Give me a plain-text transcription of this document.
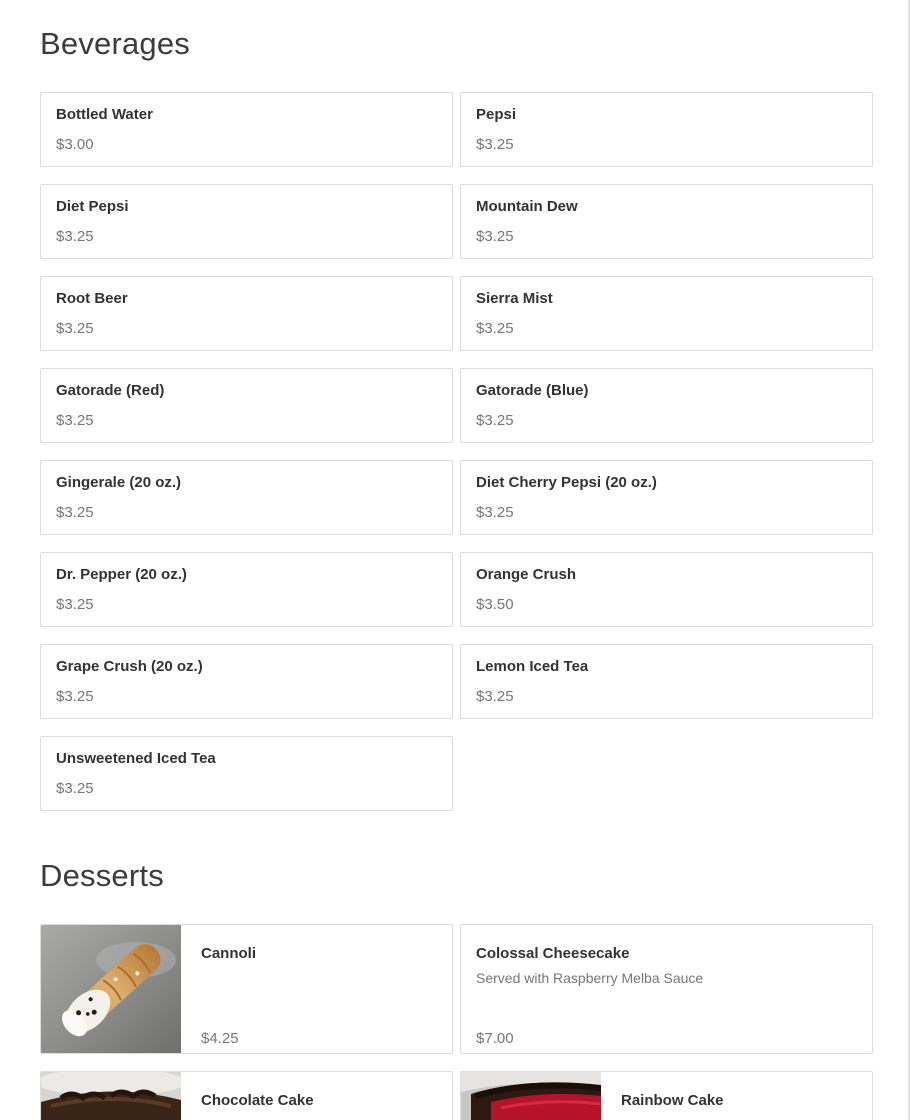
Beverages
Bottled Water
$3.00
Pepsi
$3.25
Diet Pepsi
$3.25
Mountain Dew
$3.25
Root Beer
$3.25
Sierra Mist
$3.25
Gatorade (Red)
$3.25
Gatorade (Blue)
$3.25
Gingerale (20 oz.)
$3.25
Diet Cherry Pepsi (20 oz.)
$3.25
Dr. Pepper (20 oz.)
$3.25
Orange Crush
$3.50
Grape Crush (20 oz.)
$3.25
Lemon Iced Tea
$3.25
Unsweetened Iced Tea
$3.25
Desserts
Cannoli
$4.25
Colossal Cheesecake
Served with Raspberry Melba Sauce
$7.00
Chocolate Cake	Rainbow Cake
